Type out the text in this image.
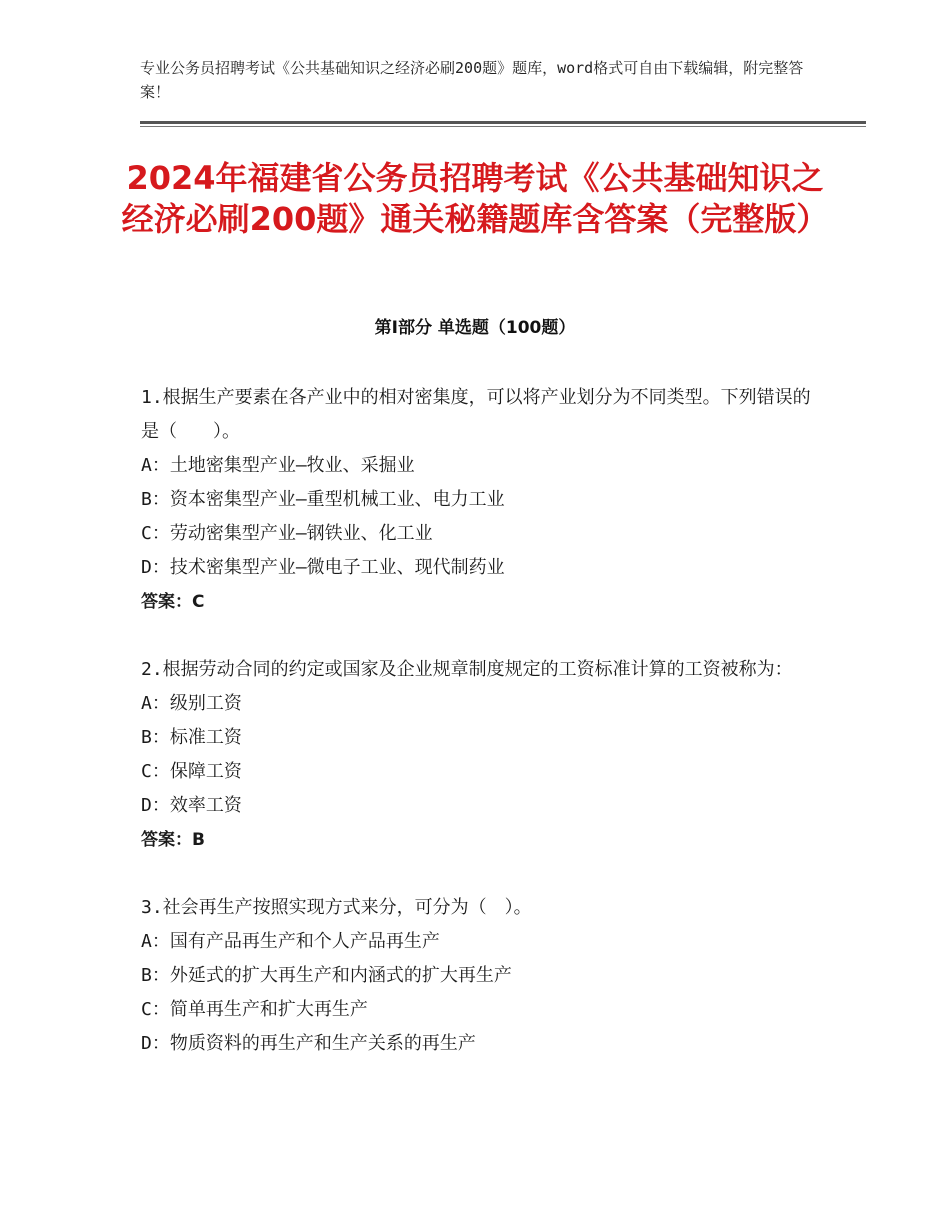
专业公务员招聘考试《公共基础知识之经济必刷200题》题库，word格式可自由下载编辑，附完整答案！
2024年福建省公务员招聘考试《公共基础知识之经济必刷200题》通关秘籍题库含答案（完整版）
第Ⅰ部分 单选题（100题）

1.根据生产要素在各产业中的相对密集度，可以将产业划分为不同类型。下列错误的是（　　）。

A：土地密集型产业—牧业、采掘业

B：资本密集型产业—重型机械工业、电力工业

C：劳动密集型产业—钢铁业、化工业

D：技术密集型产业—微电子工业、现代制药业

答案：C

2.根据劳动合同的约定或国家及企业规章制度规定的工资标准计算的工资被称为：

A：级别工资

B：标准工资

C：保障工资

D：效率工资

答案：B

3.社会再生产按照实现方式来分，可分为（　）。

A：国有产品再生产和个人产品再生产

B：外延式的扩大再生产和内涵式的扩大再生产

C：简单再生产和扩大再生产

D：物质资料的再生产和生产关系的再生产
